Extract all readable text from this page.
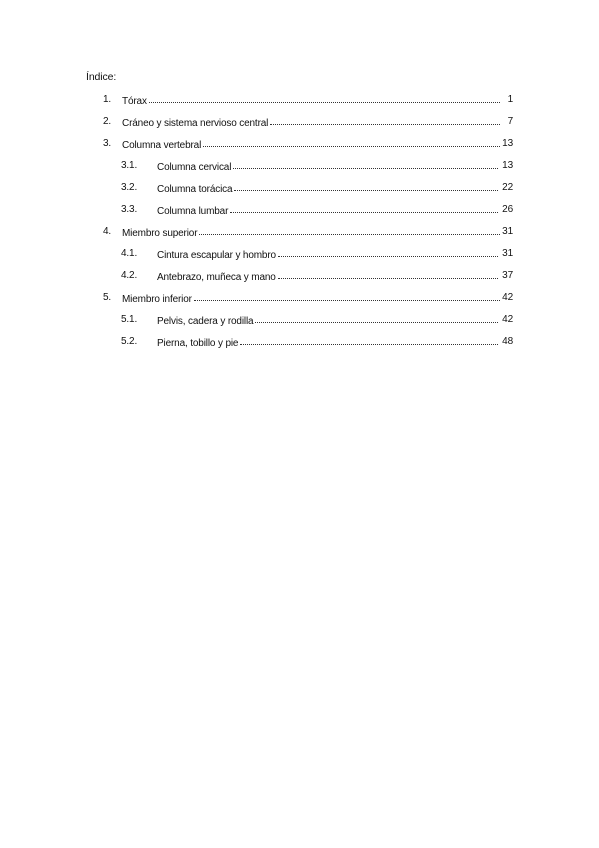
Índice:
1. Tórax	1
2. Cráneo y sistema nervioso central	7
3. Columna vertebral	13
3.1. Columna cervical	13
3.2. Columna torácica	22
3.3. Columna lumbar	26
4. Miembro superior	31
4.1. Cintura escapular y hombro	31
4.2. Antebrazo, muñeca y mano	37
5. Miembro inferior	42
5.1. Pelvis, cadera y rodilla	42
5.2. Pierna, tobillo y pie	48
